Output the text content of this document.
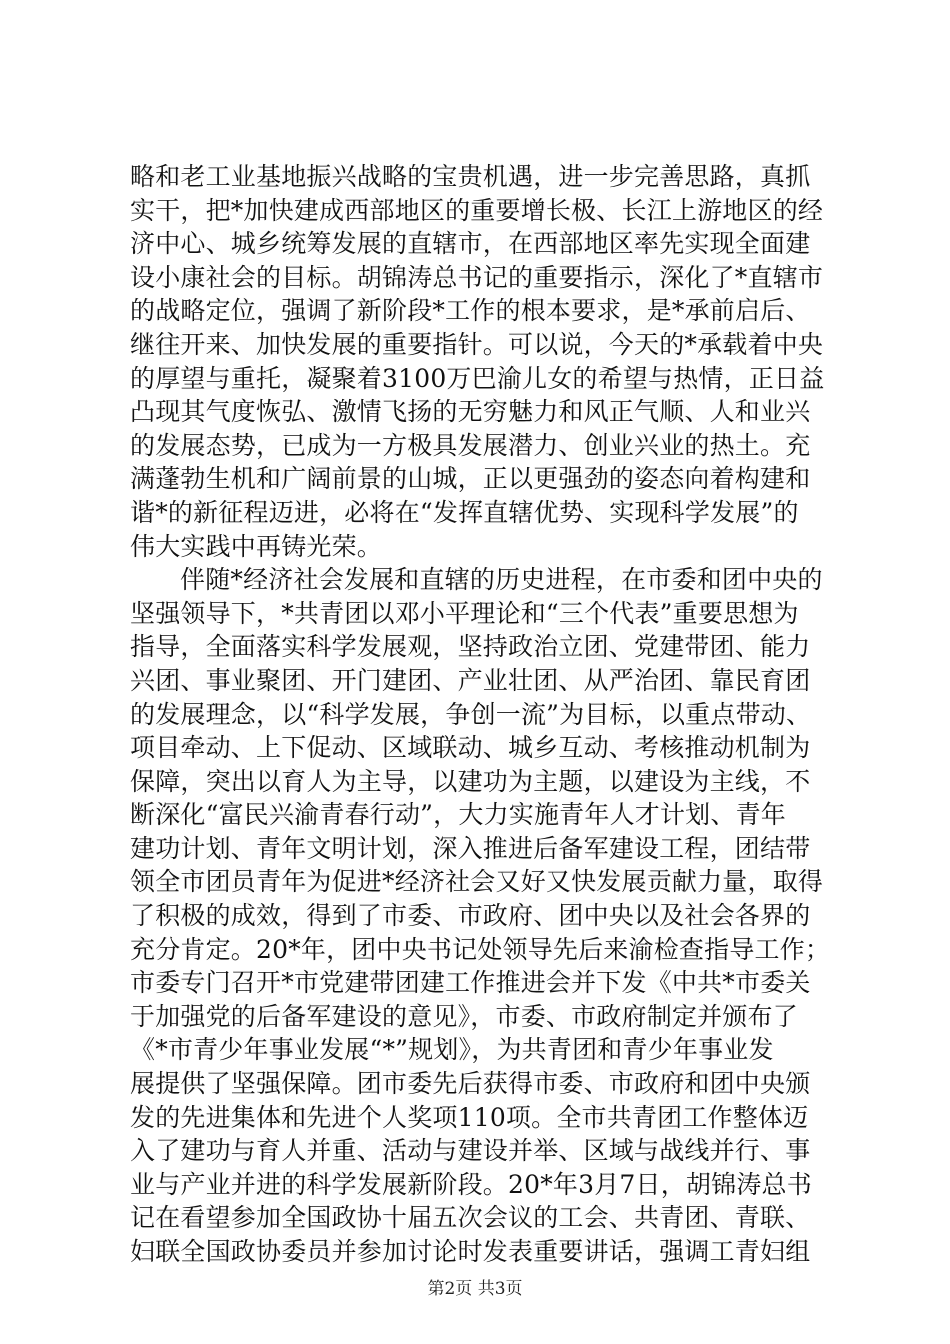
略和老工业基地振兴战略的宝贵机遇，进一步完善思路，真抓
实干，把*加快建成西部地区的重要增长极、长江上游地区的经
济中心、城乡统筹发展的直辖市，在西部地区率先实现全面建
设小康社会的目标。胡锦涛总书记的重要指示，深化了*直辖市
的战略定位，强调了新阶段*工作的根本要求，是*承前启后、
继往开来、加快发展的重要指针。可以说，今天的*承载着中央
的厚望与重托，凝聚着3100万巴渝儿女的希望与热情，正日益
凸现其气度恢弘、激情飞扬的无穷魅力和风正气顺、人和业兴
的发展态势，已成为一方极具发展潜力、创业兴业的热土。充
满蓬勃生机和广阔前景的山城，正以更强劲的姿态向着构建和
谐*的新征程迈进，必将在“发挥直辖优势、实现科学发展”的
伟大实践中再铸光荣。
伴随*经济社会发展和直辖的历史进程，在市委和团中央的
坚强领导下，*共青团以邓小平理论和“三个代表”重要思想为
指导，全面落实科学发展观，坚持政治立团、党建带团、能力
兴团、事业聚团、开门建团、产业壮团、从严治团、靠民育团
的发展理念，以“科学发展，争创一流”为目标，以重点带动、
项目牵动、上下促动、区域联动、城乡互动、考核推动机制为
保障，突出以育人为主导，以建功为主题，以建设为主线，不
断深化“富民兴渝青春行动”，大力实施青年人才计划、青年
建功计划、青年文明计划，深入推进后备军建设工程，团结带
领全市团员青年为促进*经济社会又好又快发展贡献力量，取得
了积极的成效，得到了市委、市政府、团中央以及社会各界的
充分肯定。20*年，团中央书记处领导先后来渝检查指导工作；
市委专门召开*市党建带团建工作推进会并下发《中共*市委关
于加强党的后备军建设的意见》，市委、市政府制定并颁布了
《*市青少年事业发展“*”规划》，为共青团和青少年事业发
展提供了坚强保障。团市委先后获得市委、市政府和团中央颁
发的先进集体和先进个人奖项110项。全市共青团工作整体迈
入了建功与育人并重、活动与建设并举、区域与战线并行、事
业与产业并进的科学发展新阶段。20*年3月7日，胡锦涛总书
记在看望参加全国政协十届五次会议的工会、共青团、青联、
妇联全国政协委员并参加讨论时发表重要讲话，强调工青妇组
第2页 共3页
